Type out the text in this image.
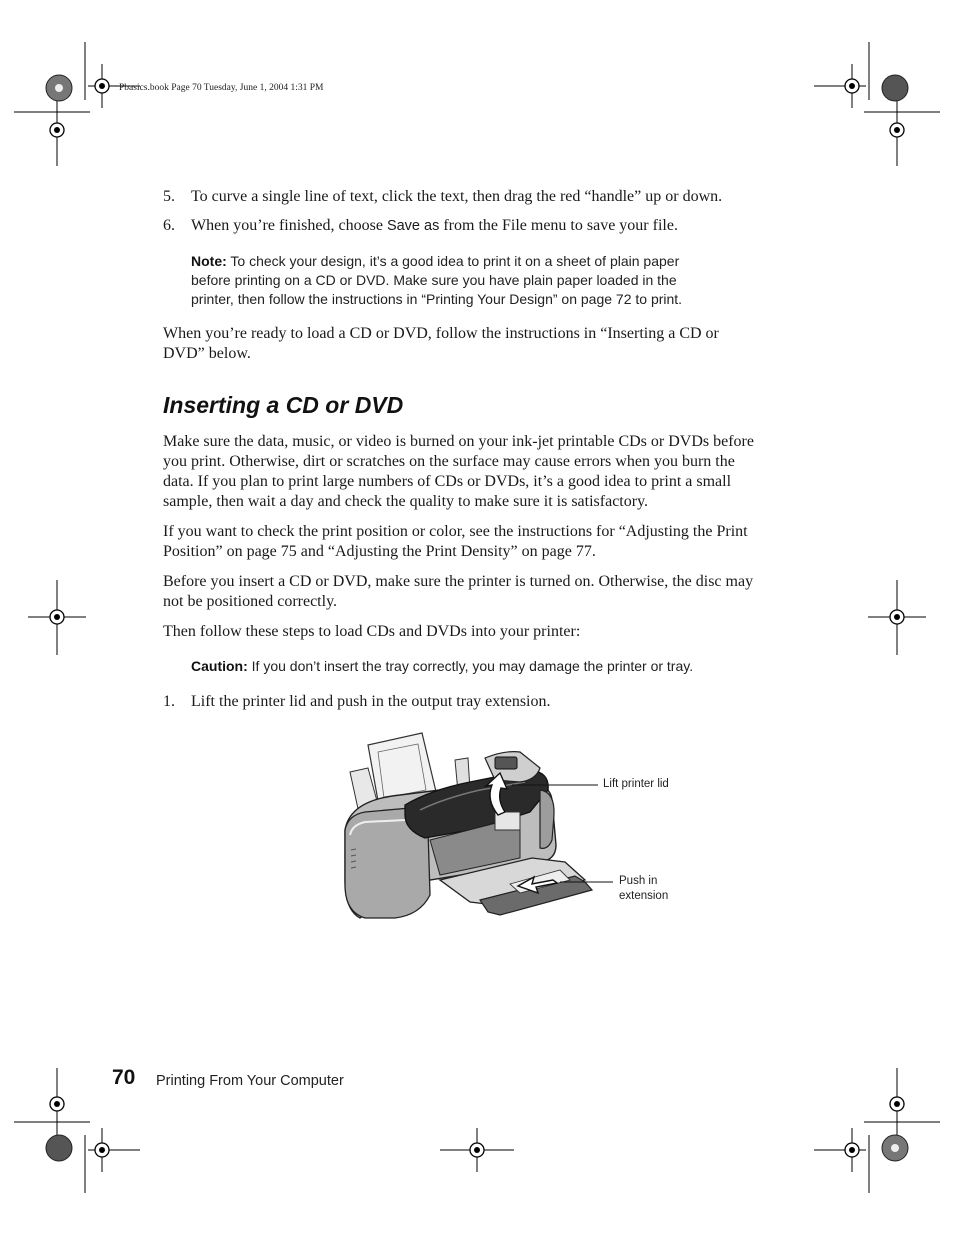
Pbasics.book Page 70 Tuesday, June 1, 2004 1:31 PM
5. To curve a single line of text, click the text, then drag the red “handle” up or down.
6. When you’re finished, choose Save as from the File menu to save your file.
Note: To check your design, it’s a good idea to print it on a sheet of plain paper
before printing on a CD or DVD. Make sure you have plain paper loaded in the
printer, then follow the instructions in “Printing Your Design” on page 72 to print.
When you’re ready to load a CD or DVD, follow the instructions in “Inserting a CD or
DVD” below.
Inserting a CD or DVD
Make sure the data, music, or video is burned on your ink-jet printable CDs or DVDs before
you print. Otherwise, dirt or scratches on the surface may cause errors when you burn the
data. If you plan to print large numbers of CDs or DVDs, it’s a good idea to print a small
sample, then wait a day and check the quality to make sure it is satisfactory.
If you want to check the print position or color, see the instructions for “Adjusting the Print
Position” on page 75 and “Adjusting the Print Density” on page 77.
Before you insert a CD or DVD, make sure the printer is turned on. Otherwise, the disc may
not be positioned correctly.
Then follow these steps to load CDs and DVDs into your printer:
Caution: If you don’t insert the tray correctly, you may damage the printer or tray.
1. Lift the printer lid and push in the output tray extension.
Lift printer lid
Push in
extension
70 Printing From Your Computer
